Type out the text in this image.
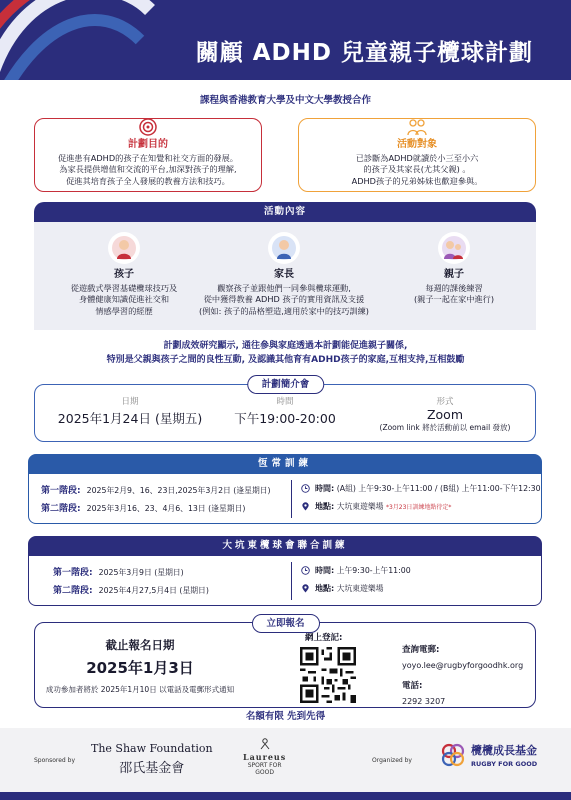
關顧 ADHD 兒童親子欖球計劃
課程與香港教育大學及中文大學教授合作
計劃目的
促進患有ADHD的孩子在知覺和社交方面的發展。
為家長提供增值和交流的平台,加深對孩子的理解,
促進其培育孩子全人發展的教養方法和技巧。
活動對象
已診斷為ADHD就讀於小三至小六
的孩子及其家長(尤其父親) 。
ADHD孩子的兄弟姊妹也歡迎參與。
活動內容
孩子
從遊戲式學習基礎欖球技巧及
身體健康知識促進社交和
情感學習的經歷
家長
觀察孩子並跟他們一同參與欖球運動,
從中獲得教養 ADHD 孩子的實用資訊及支援
(例如: 孩子的品格塑造,適用於家中的技巧訓練)
親子
每週的課後練習
(親子一起在家中進行)
計劃成效研究顯示, 通往參與家庭透過本計劃能促進親子關係,
特別是父親與孩子之間的良性互動, 及認識其他育有ADHD孩子的家庭,互相支持,互相鼓勵
日期
2025年1月24日 (星期五)
時間
下午19:00-20:00
形式
Zoom
(Zoom link 將於活動前以 email 發放)
計劃簡介會
恆常訓練
第一階段: 2025年2月9、16、23日,2025年3月2日 (逢星期日)
第二階段: 2025年3月16、23、4月6、13日 (逢星期日)
時間:
(A組) 上午9:30-上午11:00 / (B組) 上午11:00-下午12:30
地點:
大坑東遊樂場
*3月23日訓練地點待定*
大坑東欖球會聯合訓練
第一階段: 2025年3月9日 (星期日)
第二階段: 2025年4月27,5月4日 (星期日)
時間:
上午9:30-上午11:00
地點:
大坑東遊樂場
截止報名日期
2025年1月3日
成功參加者將於 2025年1月10日 以電話及電郵形式通知
網上登記:
查詢電郵:
yoyo.lee@rugbyforgoodhk.org
電話:
2292 3207
立即報名
名額有限 先到先得
Sponsored by
The Shaw Foundation
邵氏基金會
Laureus
SPORT FOR
GOOD
Organized by
欖欖成長基金
RUGBY FOR GOOD
